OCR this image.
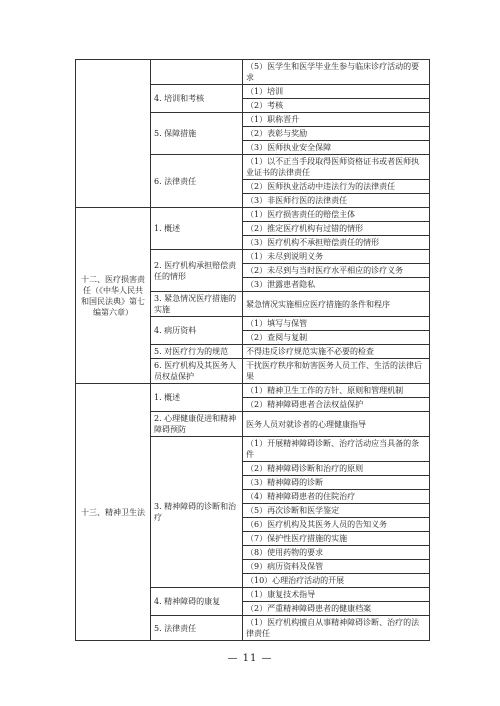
		（5）医学生和医学毕业生参与临床诊疗活动的要求
	4. 培训和考核	（1）培训
		（2）考核
	5. 保障措施	（1）职称晋升
		（2）表彰与奖励
		（3）医师执业安全保障
	6. 法律责任	（1）以不正当手段取得医师资格证书或者医师执业证书的法律责任
		（2）医师执业活动中违法行为的法律责任
		（3）非医师行医的法律责任
十二、医疗损害责任（《中华人民共和国民法典》第七编第六章）	1. 概述	（1）医疗损害责任的赔偿主体
		（2）推定医疗机构有过错的情形
		（3）医疗机构不承担赔偿责任的情形
	2. 医疗机构承担赔偿责任的情形	（1）未尽到说明义务
		（2）未尽到与当时医疗水平相应的诊疗义务
		（3）泄露患者隐私
	3. 紧急情况医疗措施的实施	紧急情况实施相应医疗措施的条件和程序
	4. 病历资料	（1）填写与保管
		（2）查阅与复制
	5. 对医疗行为的规范	不得违反诊疗规范实施不必要的检查
	6. 医疗机构及其医务人员权益保护	干扰医疗秩序和妨害医务人员工作、生活的法律后果
十三、精神卫生法	1. 概述	（1）精神卫生工作的方针、原则和管理机制
		（2）精神障碍患者合法权益保护
	2. 心理健康促进和精神障碍预防	医务人员对就诊者的心理健康指导
	3. 精神障碍的诊断和治疗	（1）开展精神障碍诊断、治疗活动应当具备的条件
		（2）精神障碍诊断和治疗的原则
		（3）精神障碍的诊断
		（4）精神障碍患者的住院治疗
		（5）再次诊断和医学鉴定
		（6）医疗机构及其医务人员的告知义务
		（7）保护性医疗措施的实施
		（8）使用药物的要求
		（9）病历资料及保管
		（10）心理治疗活动的开展
	4. 精神障碍的康复	（1）康复技术指导
		（2）严重精神障碍患者的健康档案
	5. 法律责任	（1）医疗机构擅自从事精神障碍诊断、治疗的法律责任
— 11 —
